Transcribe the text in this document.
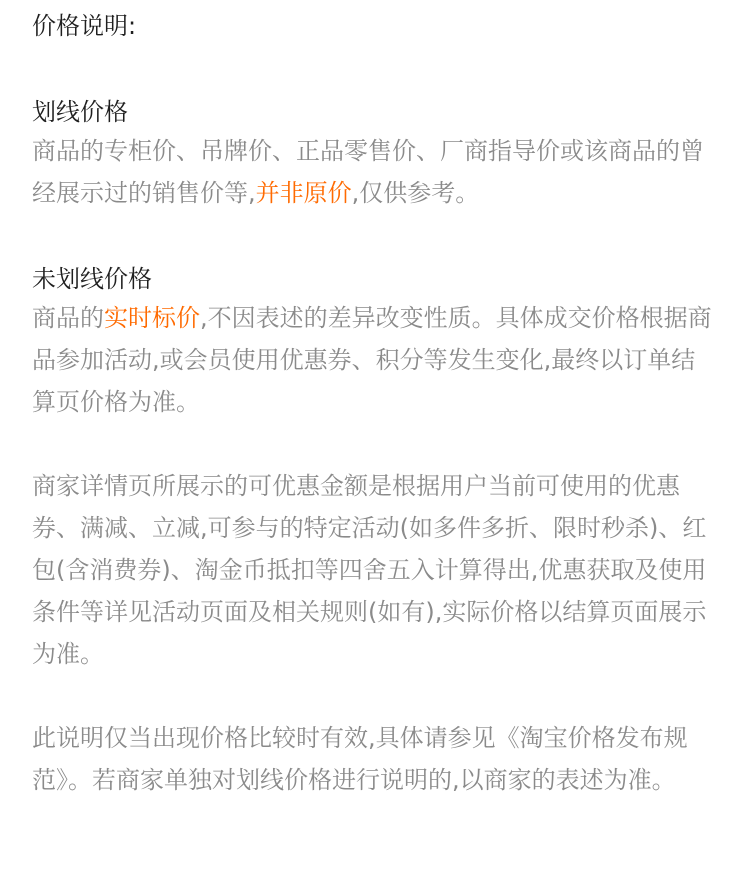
价格说明:

划线价格

商品的专柜价、吊牌价、正品零售价、厂商指导价或该商品的曾经展示过的销售价等,并非原价,仅供参考。

未划线价格

商品的实时标价,不因表述的差异改变性质。具体成交价格根据商品参加活动,或会员使用优惠券、积分等发生变化,最终以订单结算页价格为准。

商家详情页所展示的可优惠金额是根据用户当前可使用的优惠券、满减、立减,可参与的特定活动(如多件多折、限时秒杀)、红包(含消费券)、淘金币抵扣等四舍五入计算得出,优惠获取及使用条件等详见活动页面及相关规则(如有),实际价格以结算页面展示为准。

此说明仅当出现价格比较时有效,具体请参见《淘宝价格发布规范》。若商家单独对划线价格进行说明的,以商家的表述为准。
